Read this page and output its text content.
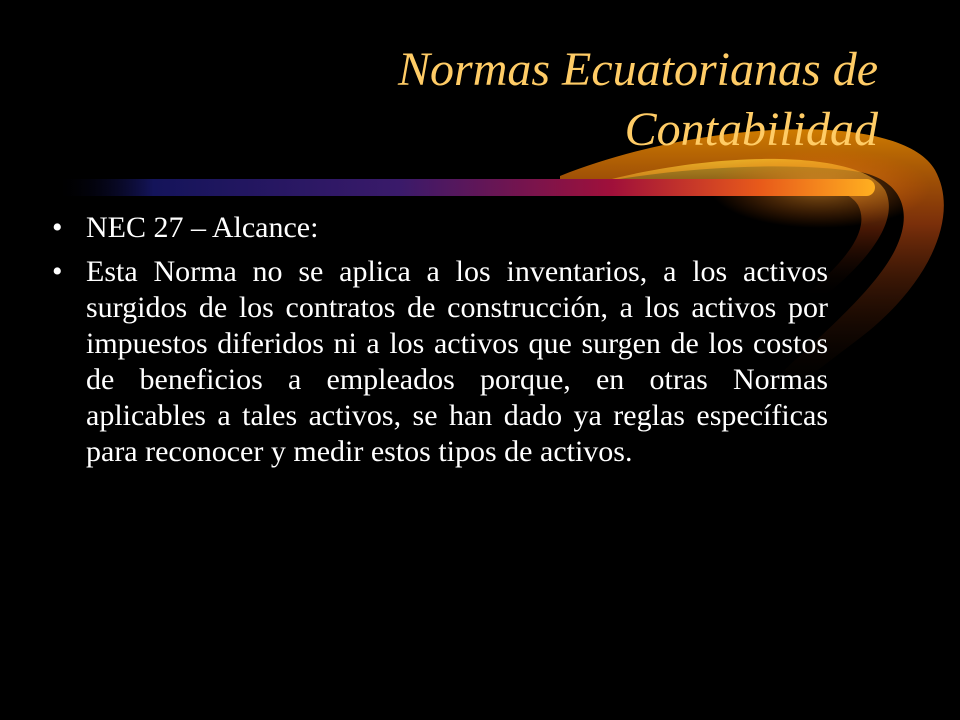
Normas Ecuatorianas de
Contabilidad
• NEC 27 – Alcance:
• Esta Norma no se aplica a los inventarios, a los activos surgidos de los contratos de construcción, a los activos por impuestos diferidos ni a los activos que surgen de los costos de beneficios a empleados porque, en otras Normas aplicables a tales activos, se han dado ya reglas específicas para reconocer y medir estos tipos de activos.
